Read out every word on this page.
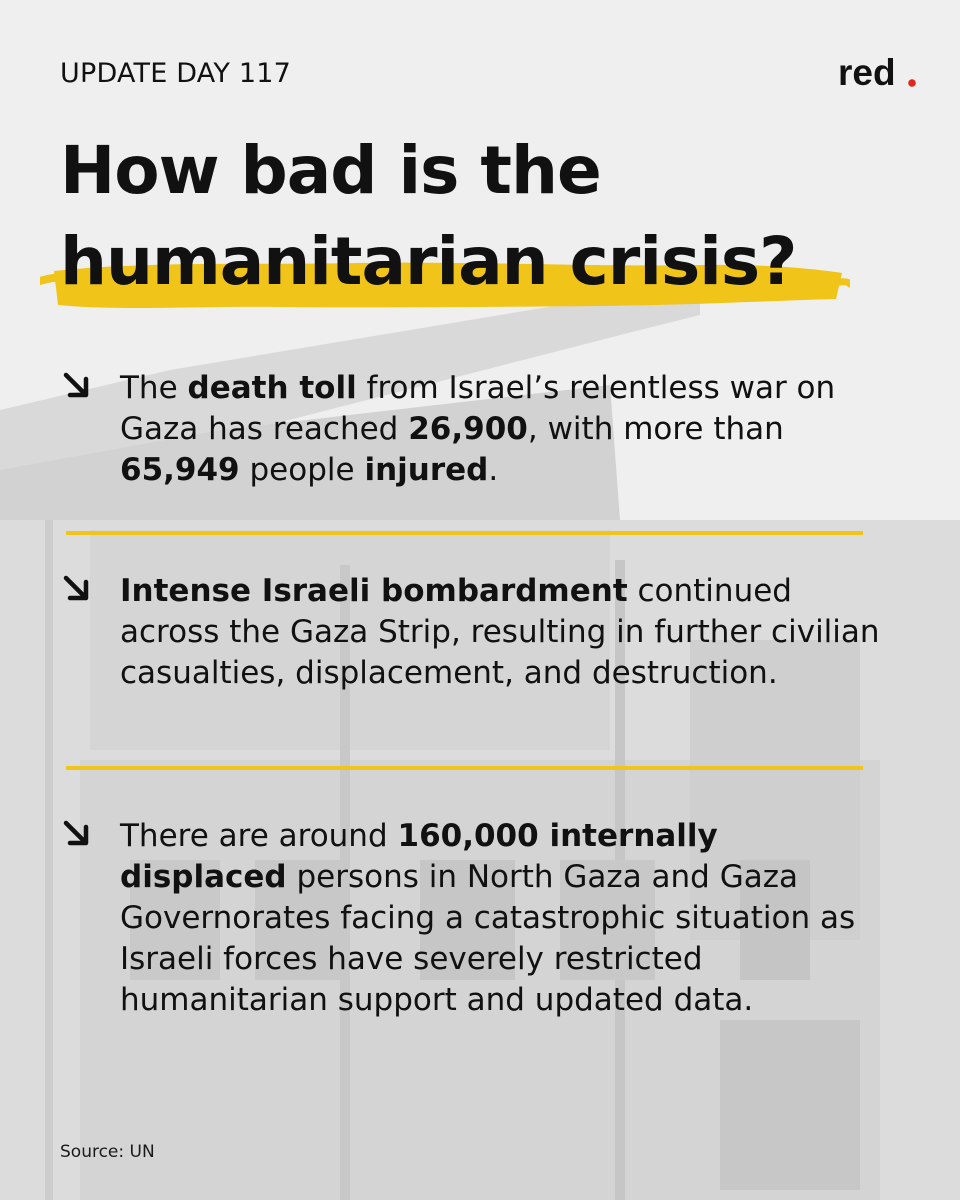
UPDATE DAY 117	red
How bad is the
humanitarian crisis?
The death toll from Israel’s relentless war on Gaza has reached 26,900, with more than 65,949 people injured.
Intense Israeli bombardment continued across the Gaza Strip, resulting in further civilian casualties, displacement, and destruction.
There are around 160,000 internally displaced persons in North Gaza and Gaza Governorates facing a catastrophic situation as Israeli forces have severely restricted humanitarian support and updated data.
Source: UN
